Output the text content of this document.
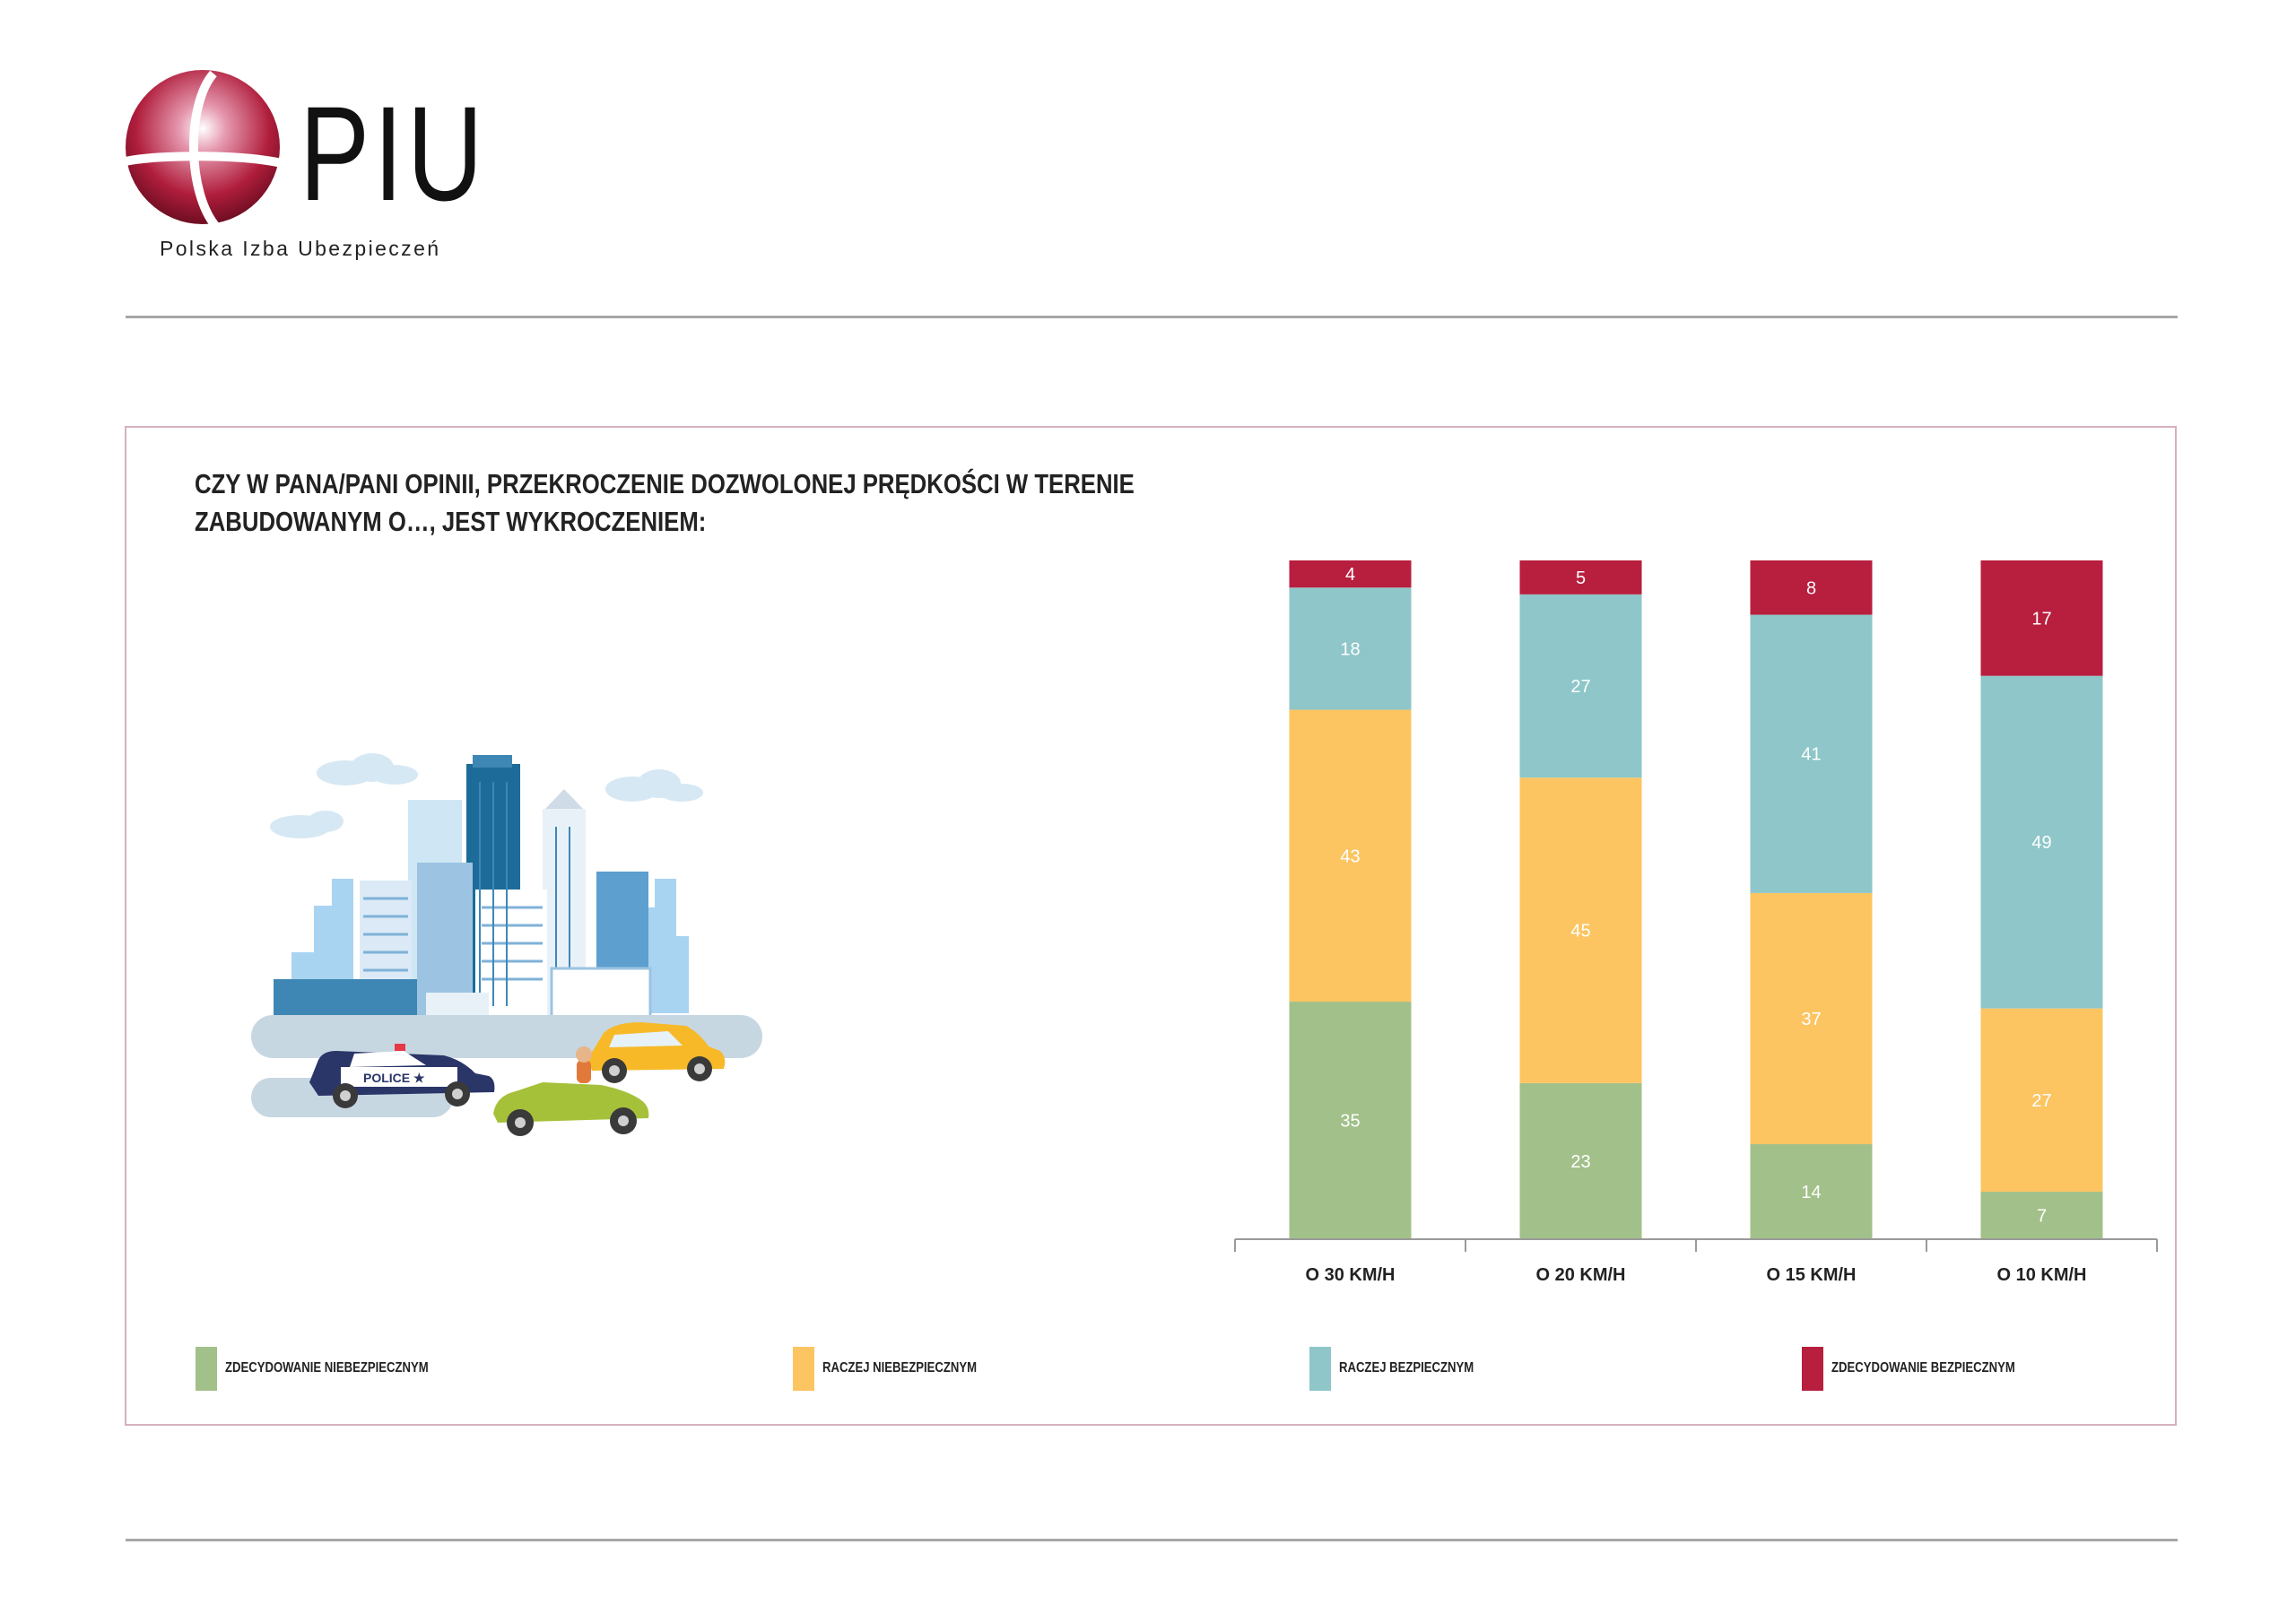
PIU
Polska Izba Ubezpieczeń
CZY W PANA/PANI OPINII, PRZEKROCZENIE DOZWOLONEJ PRĘDKOŚCI W TERENIE ZABUDOWANYM O…, JEST WYKROCZENIEM:
POLICE ★
35
43
18
4
O 30 KM/H
23
45
27
5
O 20 KM/H
14
37
41
8
O 15 KM/H
7
27
49
17
O 10 KM/H
ZDECYDOWANIE NIEBEZPIECZNYM	RACZEJ NIEBEZPIECZNYM	RACZEJ BEZPIECZNYM	ZDECYDOWANIE BEZPIECZNYM
